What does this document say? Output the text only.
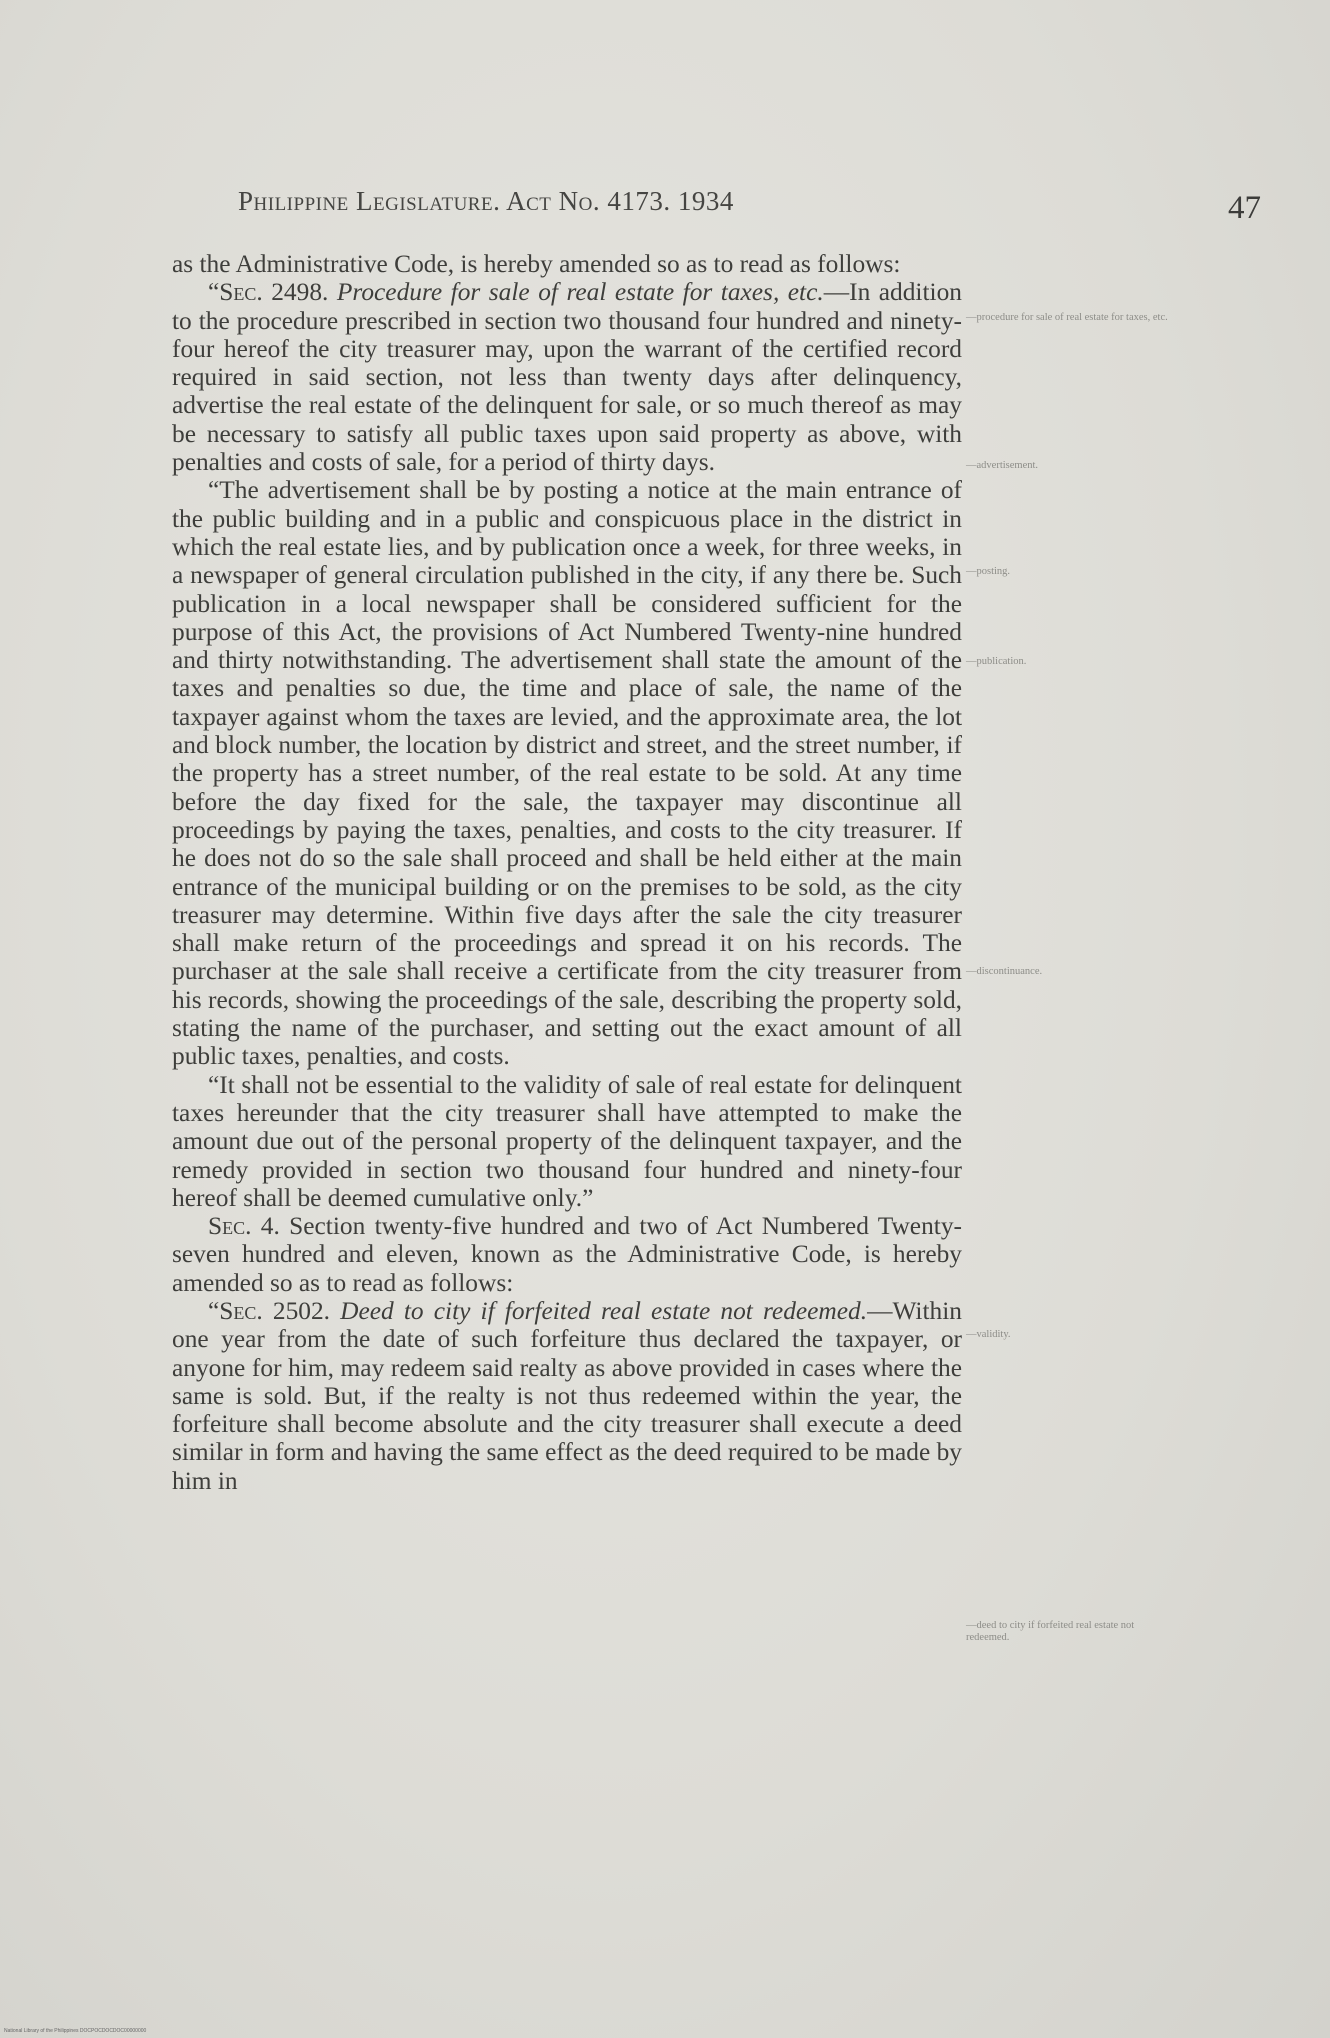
Philippine Legislature. Act No. 4173. 1934	47

as the Administrative Code, is hereby amended so as to read as follows:

“Sec. 2498. Procedure for sale of real estate for taxes, etc.—In addition to the procedure prescribed in section two thousand four hundred and ninety-four hereof the city treasurer may, upon the warrant of the certified record required in said section, not less than twenty days after delinquency, advertise the real estate of the delinquent for sale, or so much thereof as may be necessary to satisfy all public taxes upon said property as above, with penalties and costs of sale, for a period of thirty days.

“The advertisement shall be by posting a notice at the main entrance of the public building and in a public and conspicuous place in the district in which the real estate lies, and by publication once a week, for three weeks, in a newspaper of general circulation published in the city, if any there be. Such publication in a local newspaper shall be considered sufficient for the purpose of this Act, the provisions of Act Numbered Twenty-nine hundred and thirty notwithstanding. The advertisement shall state the amount of the taxes and penalties so due, the time and place of sale, the name of the taxpayer against whom the taxes are levied, and the approximate area, the lot and block number, the location by district and street, and the street number, if the property has a street number, of the real estate to be sold. At any time before the day fixed for the sale, the taxpayer may discontinue all proceedings by paying the taxes, penalties, and costs to the city treasurer. If he does not do so the sale shall proceed and shall be held either at the main entrance of the municipal building or on the premises to be sold, as the city treasurer may determine. Within five days after the sale the city treasurer shall make return of the proceedings and spread it on his records. The purchaser at the sale shall receive a certificate from the city treasurer from his records, showing the proceedings of the sale, describing the property sold, stating the name of the purchaser, and setting out the exact amount of all public taxes, penalties, and costs.

“It shall not be essential to the validity of sale of real estate for delinquent taxes hereunder that the city treasurer shall have attempted to make the amount due out of the personal property of the delinquent taxpayer, and the remedy provided in section two thousand four hundred and ninety-four hereof shall be deemed cumulative only.”

Sec. 4. Section twenty-five hundred and two of Act Numbered Twenty-seven hundred and eleven, known as the Administrative Code, is hereby amended so as to read as follows:

“Sec. 2502. Deed to city if forfeited real estate not redeemed.—Within one year from the date of such forfeiture thus declared the taxpayer, or anyone for him, may redeem said realty as above provided in cases where the same is sold. But, if the realty is not thus redeemed within the year, the forfeiture shall become absolute and the city treasurer shall execute a deed similar in form and having the same effect as the deed required to be made by him in

—procedure for sale of real estate for taxes, etc.
—advertisement.
—posting.
—publication.
—discontinuance.
—validity.
—deed to city if forfeited real estate not redeemed.
National Library of the Philippines DOCPOCDOCDOC00000000
